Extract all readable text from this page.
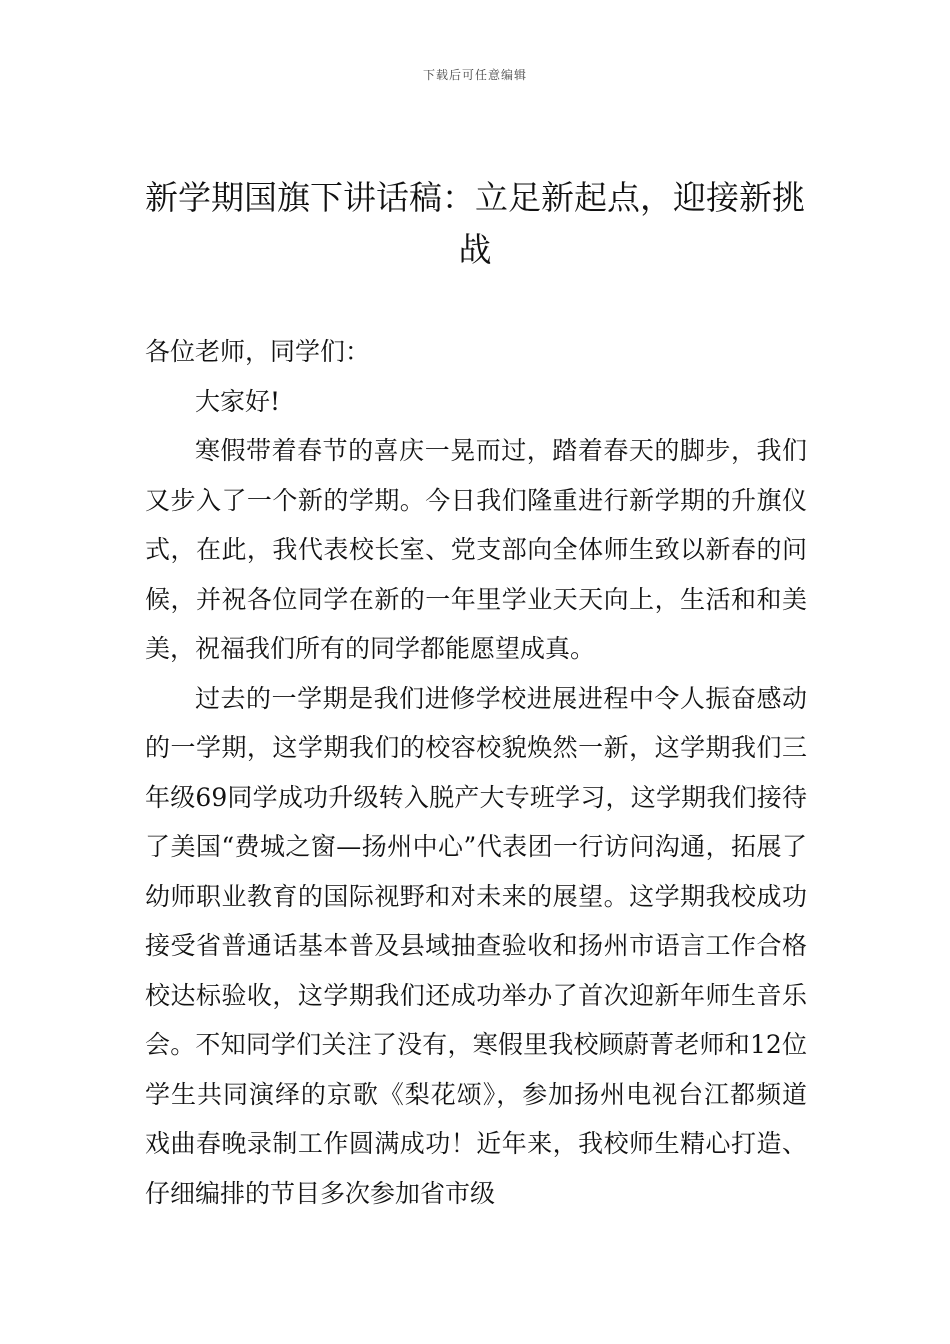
下载后可任意编辑
新学期国旗下讲话稿：立足新起点，迎接新挑战

各位老师，同学们：

大家好!

寒假带着春节的喜庆一晃而过，踏着春天的脚步，我们又步入了一个新的学期。今日我们隆重进行新学期的升旗仪式，在此，我代表校长室、党支部向全体师生致以新春的问候，并祝各位同学在新的一年里学业天天向上，生活和和美美，祝福我们所有的同学都能愿望成真。

过去的一学期是我们进修学校进展进程中令人振奋感动的一学期，这学期我们的校容校貌焕然一新，这学期我们三年级69同学成功升级转入脱产大专班学习，这学期我们接待了美国“费城之窗—扬州中心”代表团一行访问沟通，拓展了幼师职业教育的国际视野和对未来的展望。这学期我校成功接受省普通话基本普及县域抽查验收和扬州市语言工作合格校达标验收，这学期我们还成功举办了首次迎新年师生音乐会。不知同学们关注了没有，寒假里我校顾蔚菁老师和12位学生共同演绎的京歌《梨花颂》，参加扬州电视台江都频道戏曲春晚录制工作圆满成功！近年来，我校师生精心打造、仔细编排的节目多次参加省市级
